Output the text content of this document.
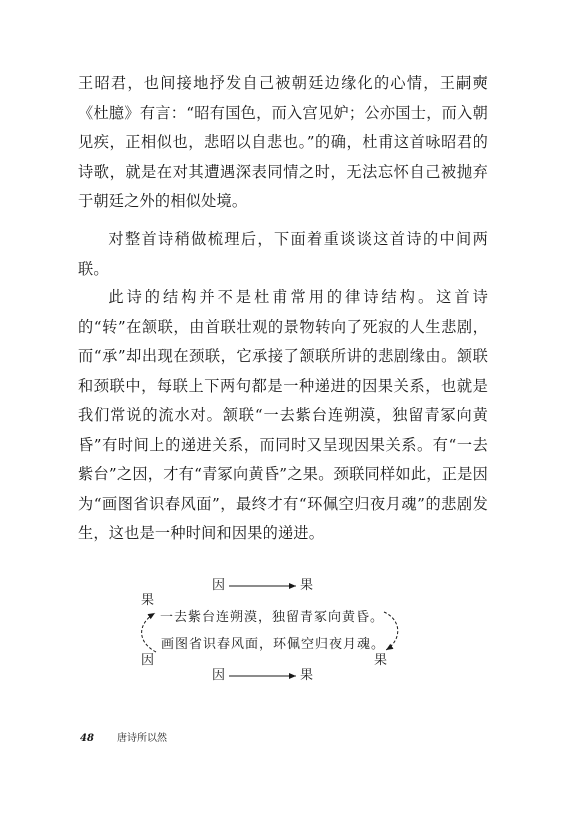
王昭君，也间接地抒发自己被朝廷边缘化的心情，王嗣奭《杜臆》有言：“昭有国色，而入宫见妒；公亦国士，而入朝见疾，正相似也，悲昭以自悲也。”的确，杜甫这首咏昭君的诗歌，就是在对其遭遇深表同情之时，无法忘怀自己被抛弃于朝廷之外的相似处境。

对整首诗稍做梳理后，下面着重谈谈这首诗的中间两联。

此诗的结构并不是杜甫常用的律诗结构。这首诗的“转”在颔联，由首联壮观的景物转向了死寂的人生悲剧，而“承”却出现在颈联，它承接了颔联所讲的悲剧缘由。颔联和颈联中，每联上下两句都是一种递进的因果关系，也就是我们常说的流水对。颔联“一去紫台连朔漠，独留青冢向黄昏”有时间上的递进关系，而同时又呈现因果关系。有“一去紫台”之因，才有“青冢向黄昏”之果。颈联同样如此，正是因为“画图省识春风面”，最终才有“环佩空归夜月魂”的悲剧发生，这也是一种时间和因果的递进。

因	果
果
一去紫台连朔漠，独留青冢向黄昏。
画图省识春风面，环佩空归夜月魂。
因	果
因	果
48 唐诗所以然
